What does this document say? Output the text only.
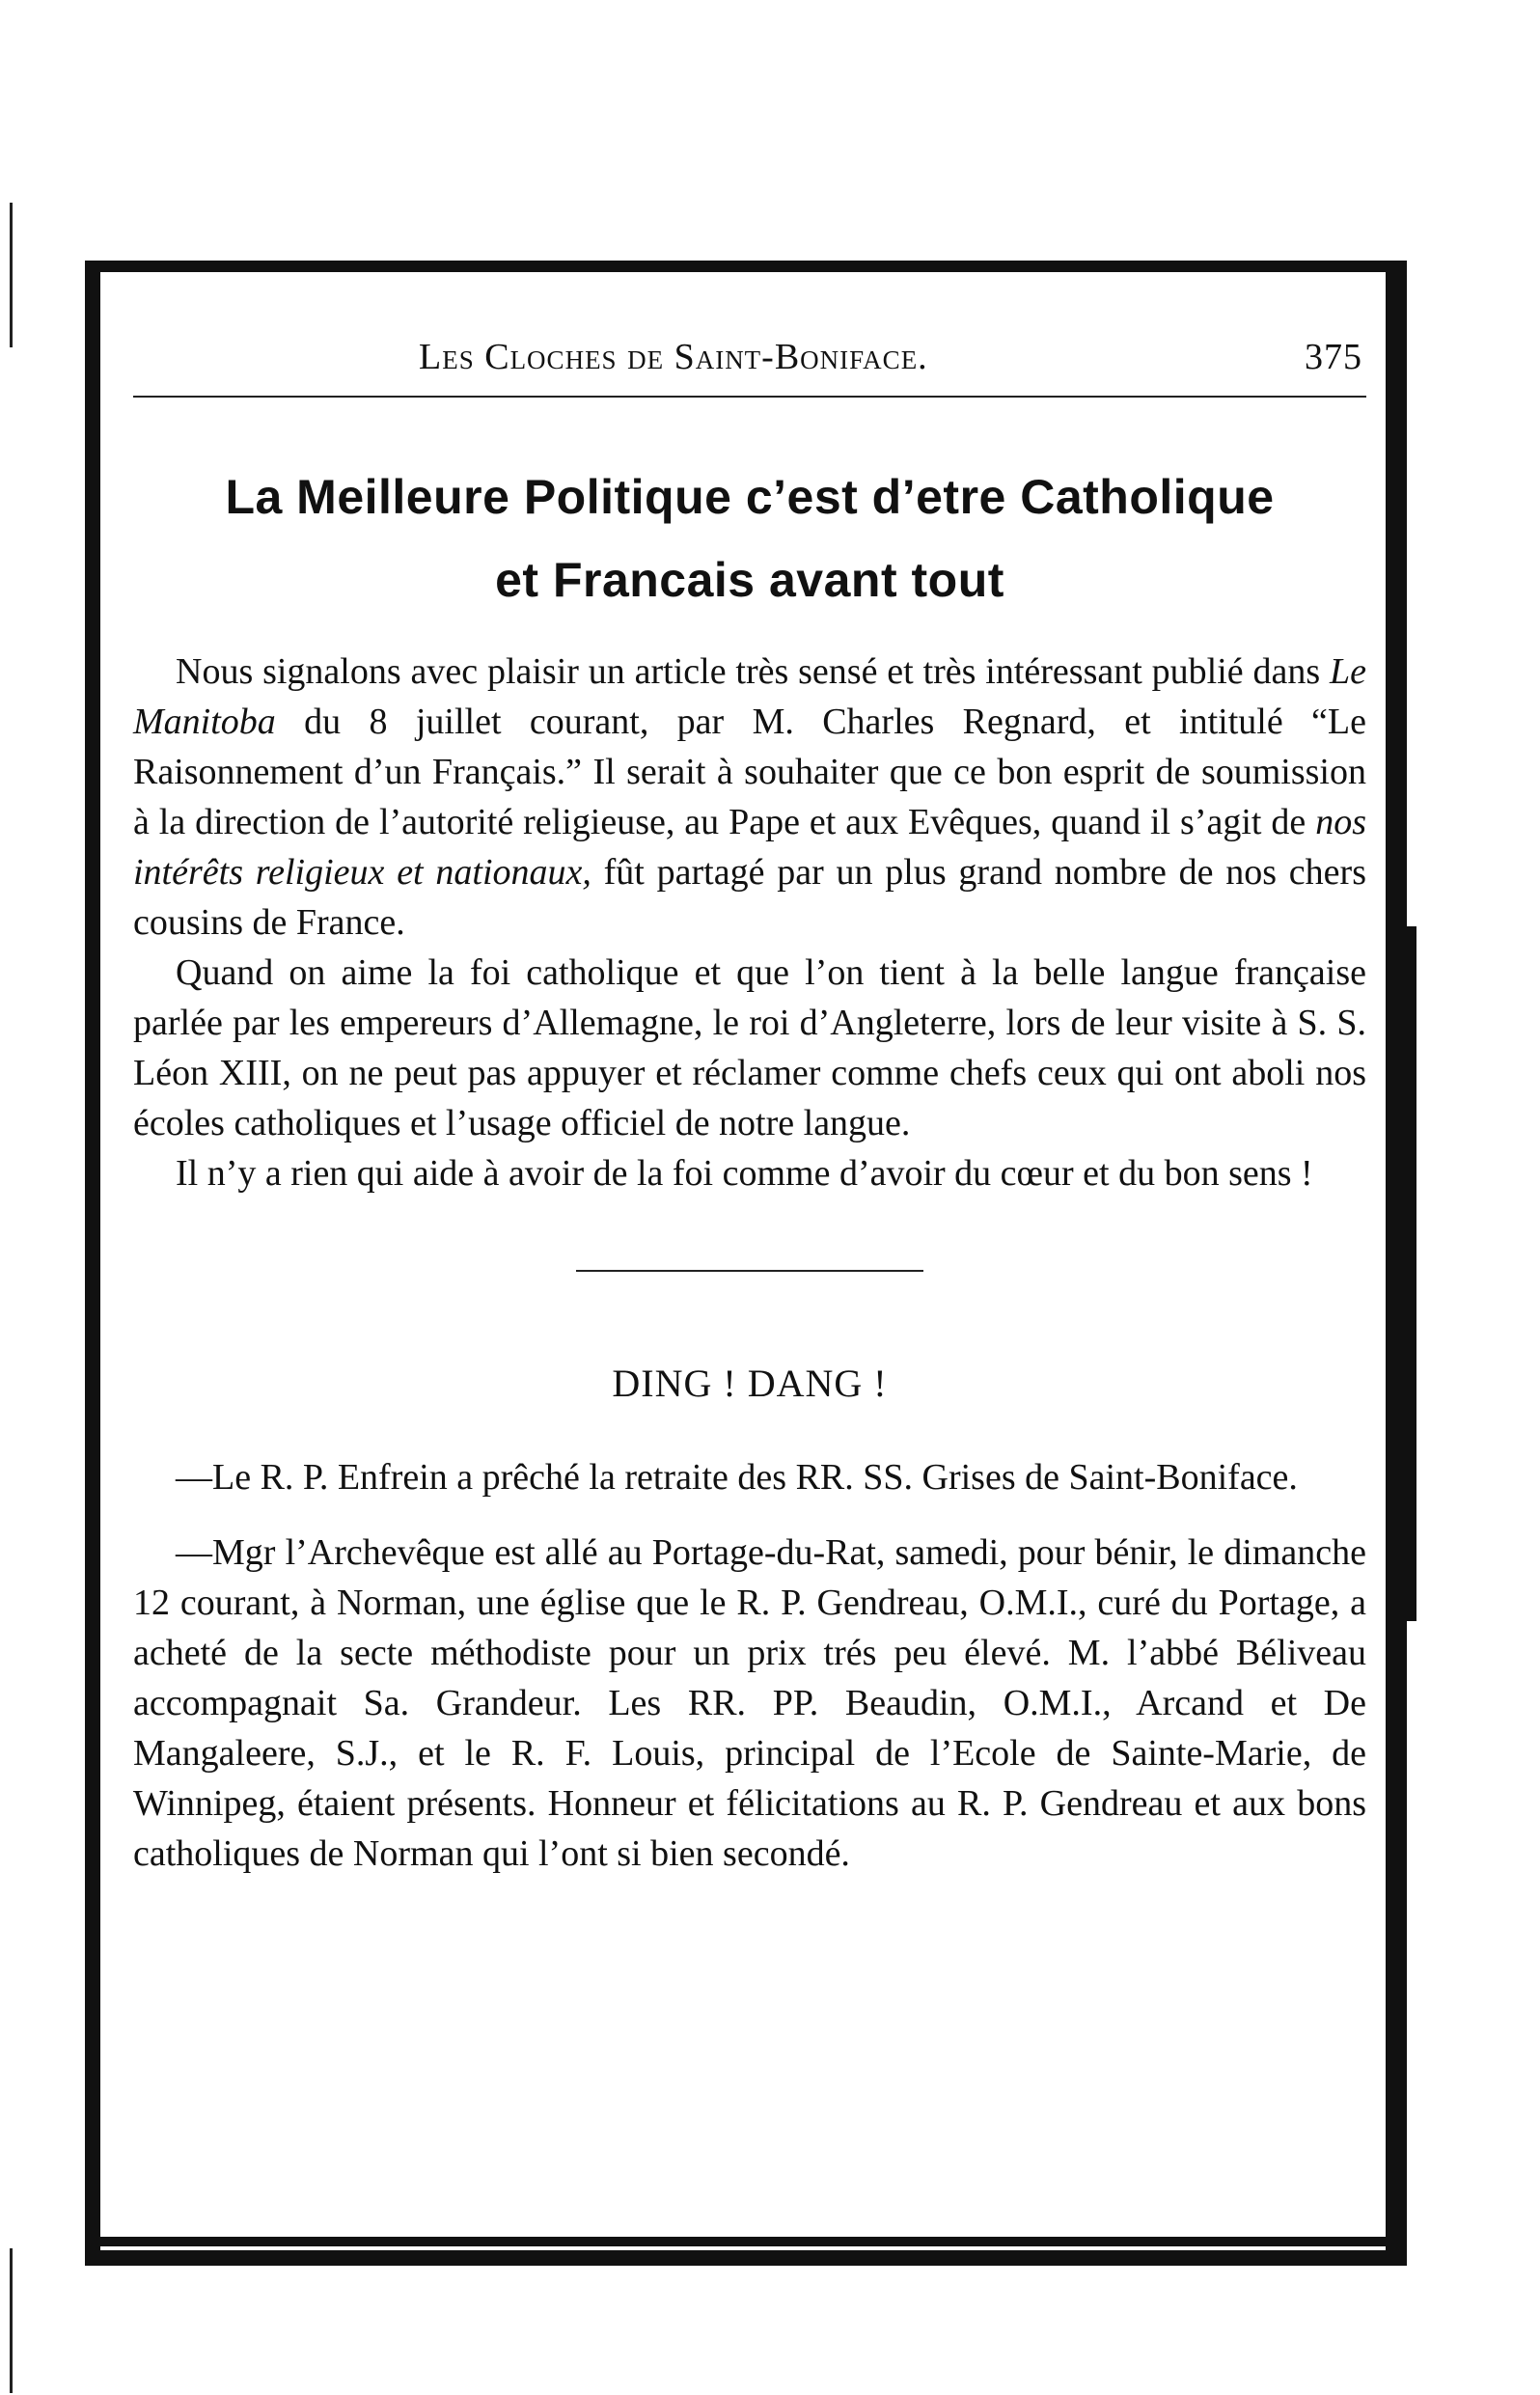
Les Cloches de Saint-Boniface.	375
La Meilleure Politique c’est d’etre Catholique
et Francais avant tout

Nous signalons avec plaisir un article très sensé et très intéressant publié dans Le Manitoba du 8 juillet courant, par M. Charles Regnard, et intitulé “Le Raisonnement d’un Français.” Il serait à souhaiter que ce bon esprit de soumission à la direction de l’autorité religieuse, au Pape et aux Evêques, quand il s’agit de nos intérêts religieux et nationaux, fût partagé par un plus grand nombre de nos chers cousins de France.

Quand on aime la foi catholique et que l’on tient à la belle langue française parlée par les empereurs d’Allemagne, le roi d’Angleterre, lors de leur visite à S. S. Léon XIII, on ne peut pas appuyer et réclamer comme chefs ceux qui ont aboli nos écoles catholiques et l’usage officiel de notre langue.

Il n’y a rien qui aide à avoir de la foi comme d’avoir du cœur et du bon sens !

DING ! DANG !

—Le R. P. Enfrein a prêché la retraite des RR. SS. Grises de Saint-Boniface.

—Mgr l’Archevêque est allé au Portage-du-Rat, samedi, pour bénir, le dimanche 12 courant, à Norman, une église que le R. P. Gendreau, O.M.I., curé du Portage, a acheté de la secte méthodiste pour un prix trés peu élevé. M. l’abbé Béliveau accompagnait Sa. Grandeur. Les RR. PP. Beaudin, O.M.I., Arcand et De Mangaleere, S.J., et le R. F. Louis, principal de l’Ecole de Sainte-Marie, de Winnipeg, étaient présents. Honneur et félicitations au R. P. Gendreau et aux bons catholiques de Norman qui l’ont si bien secondé.
